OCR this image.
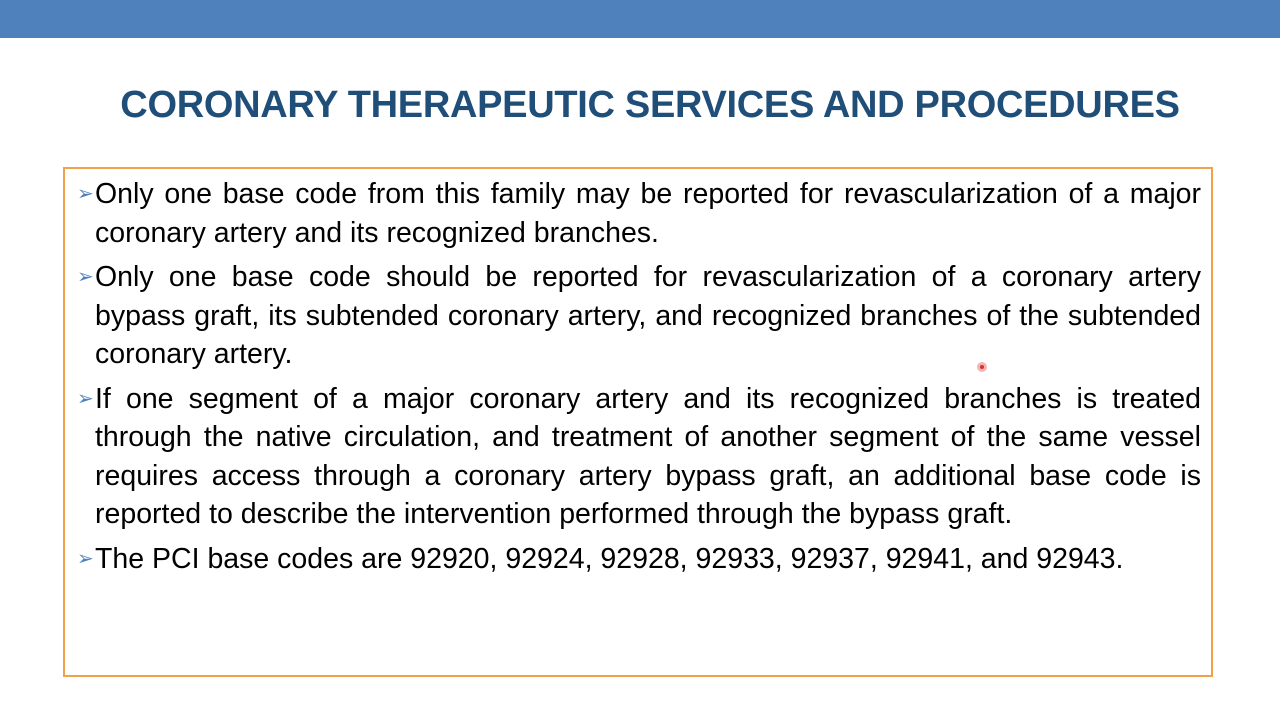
CORONARY THERAPEUTIC SERVICES AND PROCEDURES
➢ Only one base code from this family may be reported for revascularization of a major coronary artery and its recognized branches.
➢ Only one base code should be reported for revascularization of a coronary artery bypass graft, its subtended coronary artery, and recognized branches of the subtended coronary artery.
➢ If one segment of a major coronary artery and its recognized branches is treated through the native circulation, and treatment of another segment of the same vessel requires access through a coronary artery bypass graft, an additional base code is reported to describe the intervention performed through the bypass graft.
➢ The PCI base codes are 92920, 92924, 92928, 92933, 92937, 92941, and 92943.
